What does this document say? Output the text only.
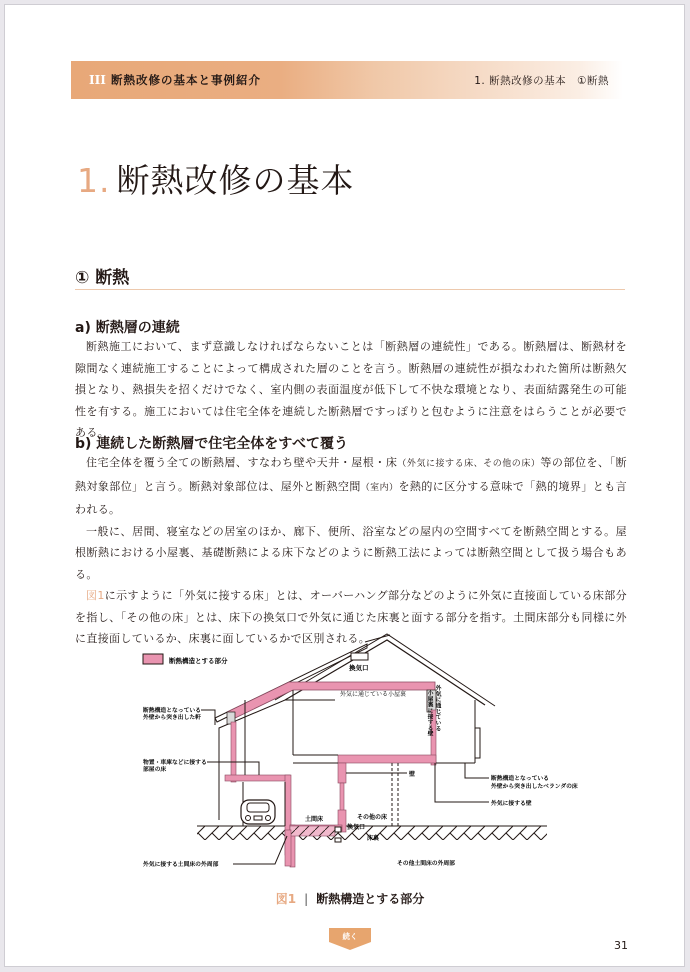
III 断熱改修の基本と事例紹介	1. 断熱改修の基本　①断熱
1. 断熱改修の基本
① 断熱
a) 断熱層の連続

断熱施工において、まず意識しなければならないことは「断熱層の連続性」である。断熱層は、断熱材を隙間なく連続施工することによって構成された層のことを言う。断熱層の連続性が損なわれた箇所は断熱欠損となり、熱損失を招くだけでなく、室内側の表面温度が低下して不快な環境となり、表面結露発生の可能性を有する。施工においては住宅全体を連続した断熱層ですっぽりと包むように注意をはらうことが必要である。

b) 連続した断熱層で住宅全体をすべて覆う

住宅全体を覆う全ての断熱層、すなわち壁や天井・屋根・床（外気に接する床、その他の床）等の部位を、「断熱対象部位」と言う。断熱対象部位は、屋外と断熱空間（室内）を熱的に区分する意味で「熱的境界」とも言われる。

一般に、居間、寝室などの居室のほか、廊下、便所、浴室などの屋内の空間すべてを断熱空間とする。屋根断熱における小屋裏、基礎断熱による床下などのように断熱工法によっては断熱空間として扱う場合もある。

図1に示すように「外気に接する床」とは、オーバーハング部分などのように外気に直接面している床部分を指し、「その他の床」とは、床下の換気口で外気に通じた床裏と面する部分を指す。土間床部分も同様に外に直接面しているか、床裏に面しているかで区別される。

断熱構造とする部分
換気口
外気に通じている小屋裏
断熱構造となっている
外壁から突き出した軒
物置・車庫などに接する
部屋の床
外気に通じている
小屋裏に接する壁
壁
断熱構造となっている
外壁から突き出したベランダの床
外気に接する壁
土間床	その他の床
床裏
換気口
外気に接する土間床の外周部	その他土間床の外周部
図1 | 断熱構造とする部分
続く
31
